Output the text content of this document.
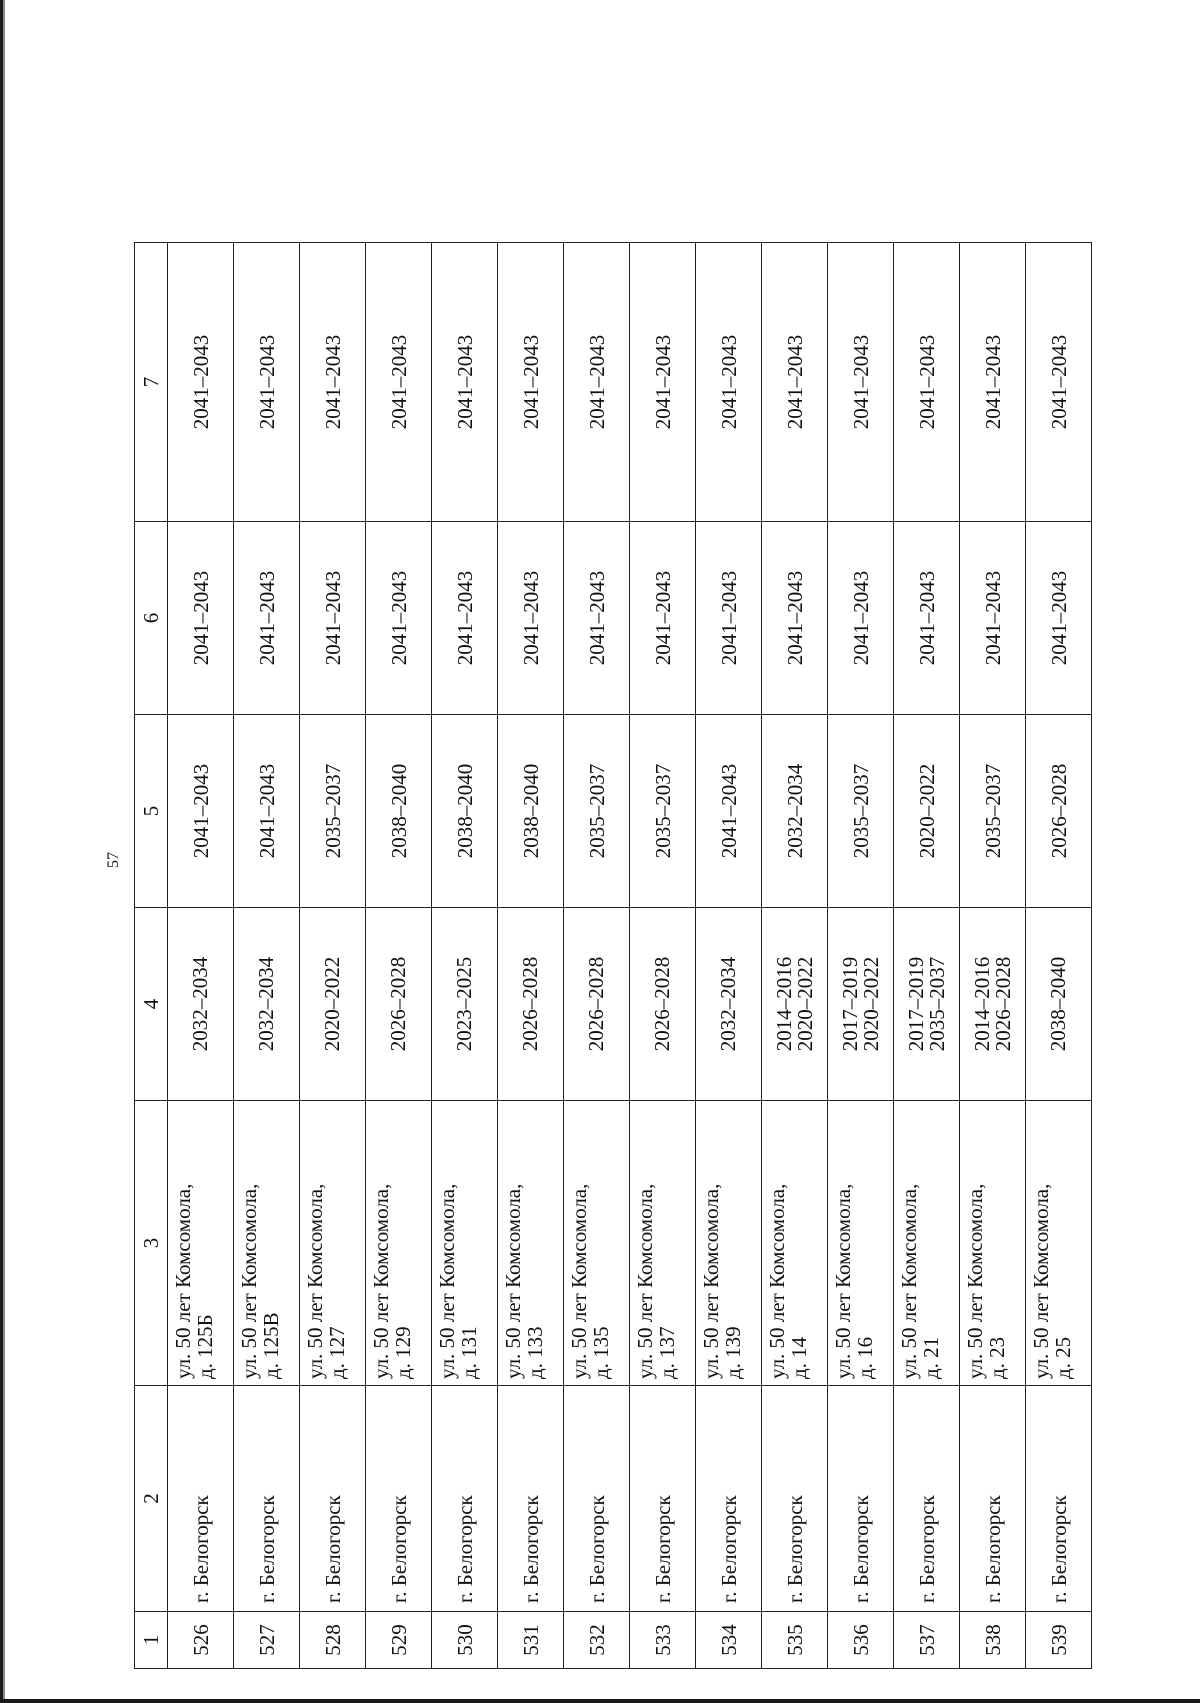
57
1	2	3	4	5	6	7
526	г. Белогорск	ул. 50 лет Комсомола,
д. 125Б	2032–2034	2041–2043	2041–2043	2041–2043
527	г. Белогорск	ул. 50 лет Комсомола,
д. 125В	2032–2034	2041–2043	2041–2043	2041–2043
528	г. Белогорск	ул. 50 лет Комсомола,
д. 127	2020–2022	2035–2037	2041–2043	2041–2043
529	г. Белогорск	ул. 50 лет Комсомола,
д. 129	2026–2028	2038–2040	2041–2043	2041–2043
530	г. Белогорск	ул. 50 лет Комсомола,
д. 131	2023–2025	2038–2040	2041–2043	2041–2043
531	г. Белогорск	ул. 50 лет Комсомола,
д. 133	2026–2028	2038–2040	2041–2043	2041–2043
532	г. Белогорск	ул. 50 лет Комсомола,
д. 135	2026–2028	2035–2037	2041–2043	2041–2043
533	г. Белогорск	ул. 50 лет Комсомола,
д. 137	2026–2028	2035–2037	2041–2043	2041–2043
534	г. Белогорск	ул. 50 лет Комсомола,
д. 139	2032–2034	2041–2043	2041–2043	2041–2043
535	г. Белогорск	ул. 50 лет Комсомола,
д. 14	2014–2016
2020–2022	2032–2034	2041–2043	2041–2043
536	г. Белогорск	ул. 50 лет Комсомола,
д. 16	2017–2019
2020–2022	2035–2037	2041–2043	2041–2043
537	г. Белогорск	ул. 50 лет Комсомола,
д. 21	2017–2019
2035–2037	2020–2022	2041–2043	2041–2043
538	г. Белогорск	ул. 50 лет Комсомола,
д. 23	2014–2016
2026–2028	2035–2037	2041–2043	2041–2043
539	г. Белогорск	ул. 50 лет Комсомола,
д. 25	2038–2040	2026–2028	2041–2043	2041–2043
